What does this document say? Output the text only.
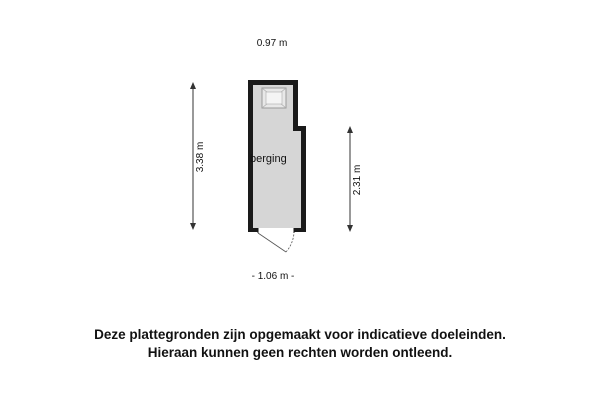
0.97 m
3.38 m
2.31 m
berging
- 1.06 m -
Deze plattegronden zijn opgemaakt voor indicatieve doeleinden.
Hieraan kunnen geen rechten worden ontleend.
